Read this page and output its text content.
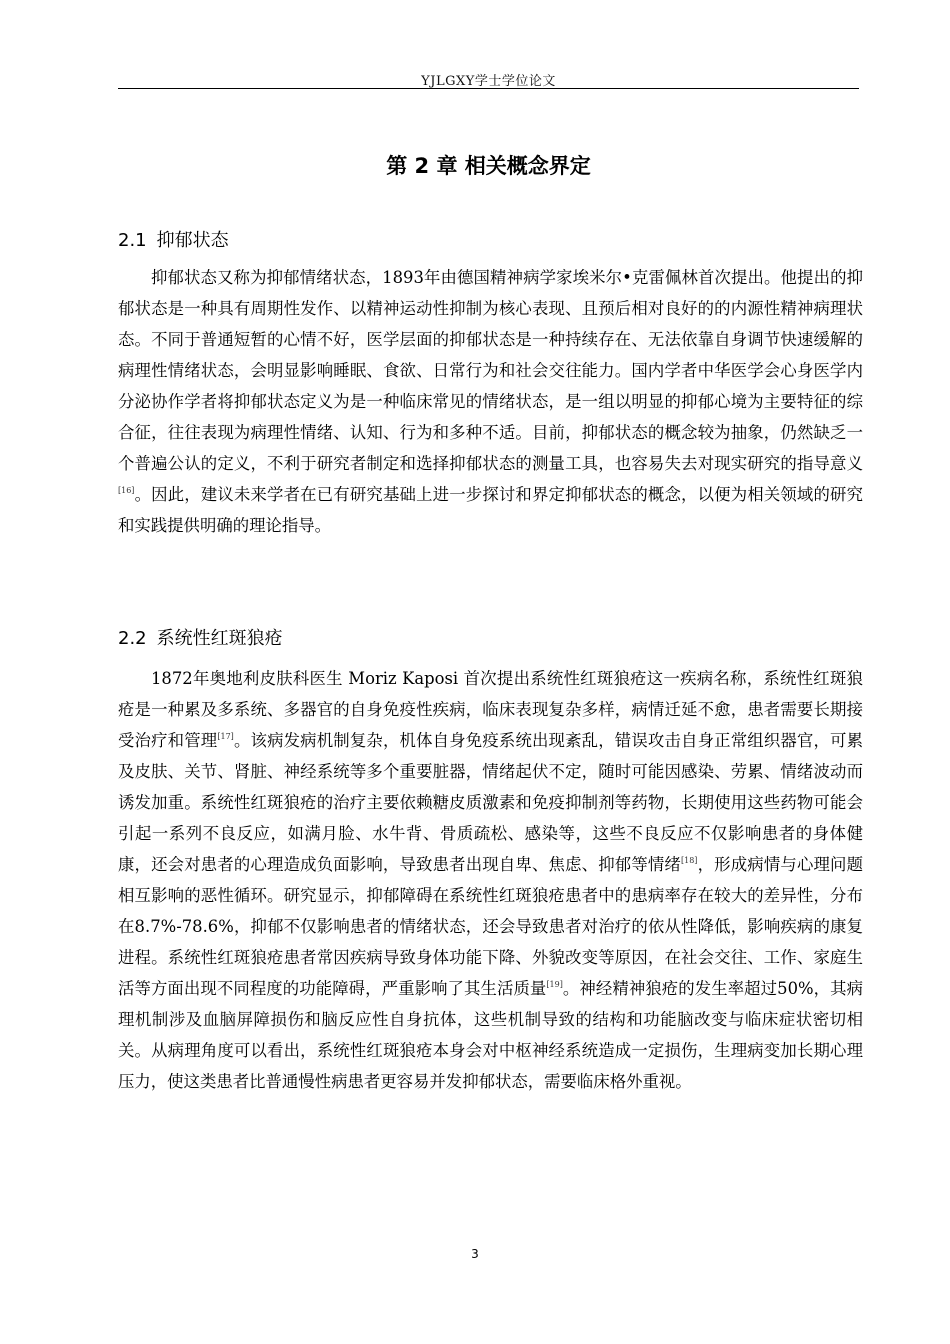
YJLGXY学士学位论文
第 2 章 相关概念界定
2.1 抑郁状态

抑郁状态又称为抑郁情绪状态，1893年由德国精神病学家埃米尔•克雷佩林首次提出。他提出的抑郁状态是一种具有周期性发作、以精神运动性抑制为核心表现、且预后相对良好的的内源性精神病理状态。不同于普通短暂的心情不好，医学层面的抑郁状态是一种持续存在、无法依靠自身调节快速缓解的病理性情绪状态，会明显影响睡眠、食欲、日常行为和社会交往能力。国内学者中华医学会心身医学内分泌协作学者将抑郁状态定义为是一种临床常见的情绪状态，是一组以明显的抑郁心境为主要特征的综合征，往往表现为病理性情绪、认知、行为和多种不适。目前，抑郁状态的概念较为抽象，仍然缺乏一个普遍公认的定义，不利于研究者制定和选择抑郁状态的测量工具，也容易失去对现实研究的指导意义[16]。因此，建议未来学者在已有研究基础上进一步探讨和界定抑郁状态的概念，以便为相关领域的研究和实践提供明确的理论指导。

2.2 系统性红斑狼疮

1872年奥地利皮肤科医生 Moriz Kaposi 首次提出系统性红斑狼疮这一疾病名称，系统性红斑狼疮是一种累及多系统、多器官的自身免疫性疾病，临床表现复杂多样，病情迁延不愈，患者需要长期接受治疗和管理[17]。该病发病机制复杂，机体自身免疫系统出现紊乱，错误攻击自身正常组织器官，可累及皮肤、关节、肾脏、神经系统等多个重要脏器，情绪起伏不定，随时可能因感染、劳累、情绪波动而诱发加重。系统性红斑狼疮的治疗主要依赖糖皮质激素和免疫抑制剂等药物，长期使用这些药物可能会引起一系列不良反应，如满月脸、水牛背、骨质疏松、感染等，这些不良反应不仅影响患者的身体健康，还会对患者的心理造成负面影响，导致患者出现自卑、焦虑、抑郁等情绪[18]，形成病情与心理问题相互影响的恶性循环。研究显示，抑郁障碍在系统性红斑狼疮患者中的患病率存在较大的差异性，分布在8.7%-78.6%，抑郁不仅影响患者的情绪状态，还会导致患者对治疗的依从性降低，影响疾病的康复进程。系统性红斑狼疮患者常因疾病导致身体功能下降、外貌改变等原因，在社会交往、工作、家庭生活等方面出现不同程度的功能障碍，严重影响了其生活质量[19]。神经精神狼疮的发生率超过50%，其病理机制涉及血脑屏障损伤和脑反应性自身抗体，这些机制导致的结构和功能脑改变与临床症状密切相关。从病理角度可以看出，系统性红斑狼疮本身会对中枢神经系统造成一定损伤，生理病变加长期心理压力，使这类患者比普通慢性病患者更容易并发抑郁状态，需要临床格外重视。

3
